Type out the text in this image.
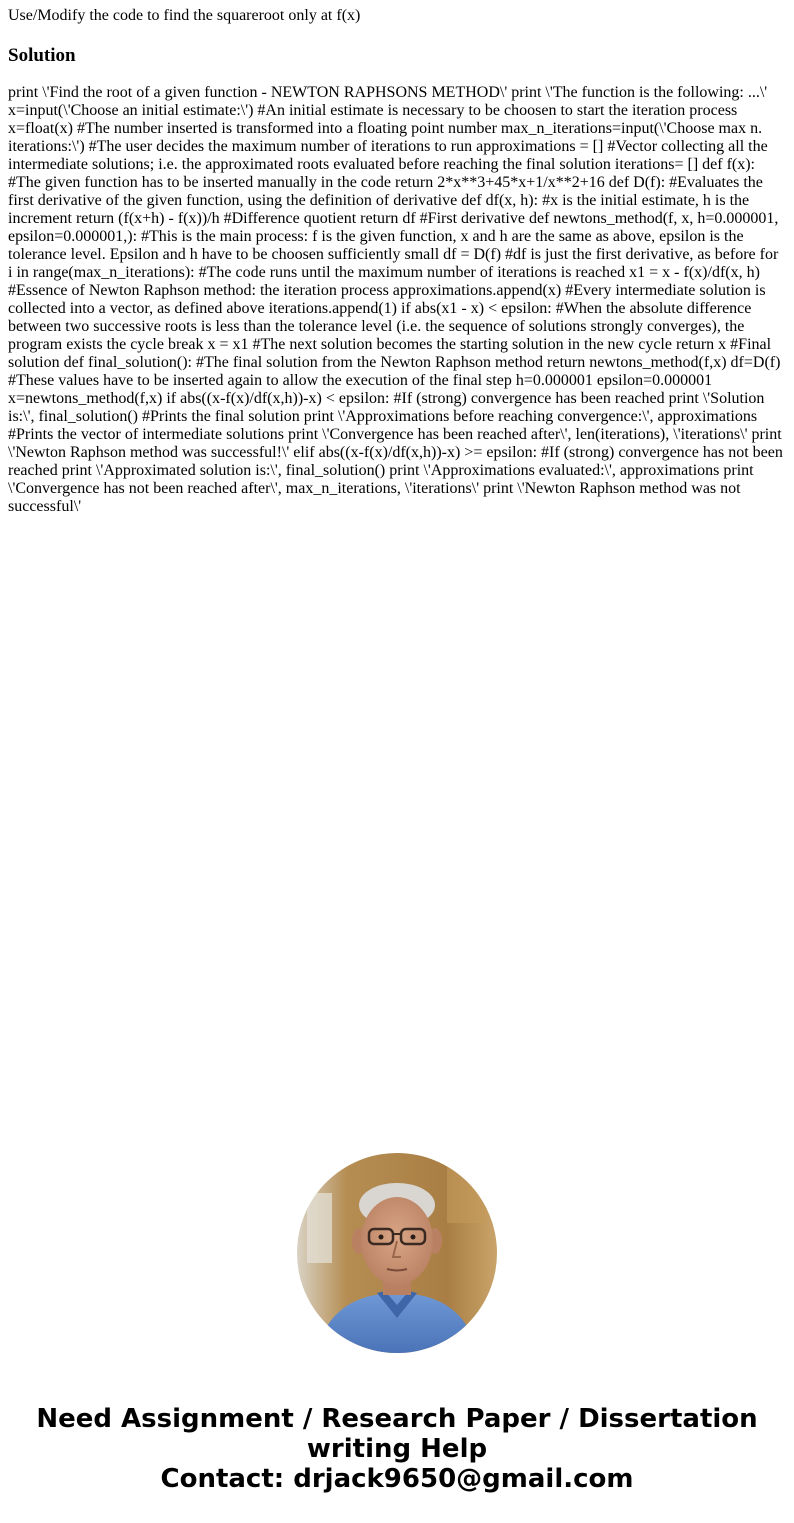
Use/Modify the code to find the squareroot only at f(x)

Solution

print \'Find the root of a given function - NEWTON RAPHSONS METHOD\' print \'The function is the following: ...\' x=input(\'Choose an initial estimate:\') #An initial estimate is necessary to be choosen to start the iteration process x=float(x) #The number inserted is transformed into a floating point number max_n_iterations=input(\'Choose max n. iterations:\') #The user decides the maximum number of iterations to run approximations = [] #Vector collecting all the intermediate solutions; i.e. the approximated roots evaluated before reaching the final solution iterations= [] def f(x): #The given function has to be inserted manually in the code return 2*x**3+45*x+1/x**2+16 def D(f): #Evaluates the first derivative of the given function, using the definition of derivative def df(x, h): #x is the initial estimate, h is the increment return (f(x+h) - f(x))/h #Difference quotient return df #First derivative def newtons_method(f, x, h=0.000001, epsilon=0.000001,): #This is the main process: f is the given function, x and h are the same as above, epsilon is the tolerance level. Epsilon and h have to be choosen sufficiently small df = D(f) #df is just the first derivative, as before for i in range(max_n_iterations): #The code runs until the maximum number of iterations is reached x1 = x - f(x)/df(x, h) #Essence of Newton Raphson method: the iteration process approximations.append(x) #Every intermediate solution is collected into a vector, as defined above iterations.append(1) if abs(x1 - x) < epsilon: #When the absolute difference between two successive roots is less than the tolerance level (i.e. the sequence of solutions strongly converges), the program exists the cycle break x = x1 #The next solution becomes the starting solution in the new cycle return x #Final solution def final_solution(): #The final solution from the Newton Raphson method return newtons_method(f,x) df=D(f) #These values have to be inserted again to allow the execution of the final step h=0.000001 epsilon=0.000001 x=newtons_method(f,x) if abs((x-f(x)/df(x,h))-x) < epsilon: #If (strong) convergence has been reached print \'Solution is:\', final_solution() #Prints the final solution print \'Approximations before reaching convergence:\', approximations #Prints the vector of intermediate solutions print \'Convergence has been reached after\', len(iterations), \'iterations\' print \'Newton Raphson method was successful!\' elif abs((x-f(x)/df(x,h))-x) >= epsilon: #If (strong) convergence has not been reached print \'Approximated solution is:\', final_solution() print \'Approximations evaluated:\', approximations print \'Convergence has not been reached after\', max_n_iterations, \'iterations\' print \'Newton Raphson method was not successful\'

Need Assignment / Research Paper / Dissertation
writing Help
Contact: drjack9650@gmail.com
